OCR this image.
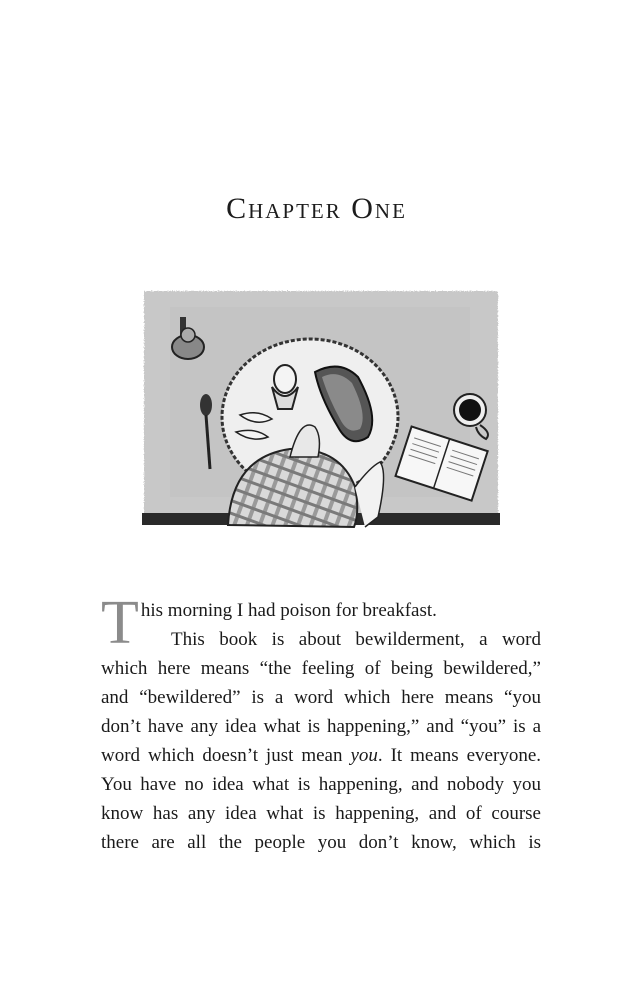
Chapter One
T his morning I had poison for breakfast.
This book is about bewilderment, a word
which here means “the feeling of being bewildered,”
and “bewildered” is a word which here means “you
don’t have any idea what is happening,” and “you” is a
word which doesn’t just mean you. It means everyone.
You have no idea what is happening, and nobody you
know has any idea what is happening, and of course
there are all the people you don’t know, which is
